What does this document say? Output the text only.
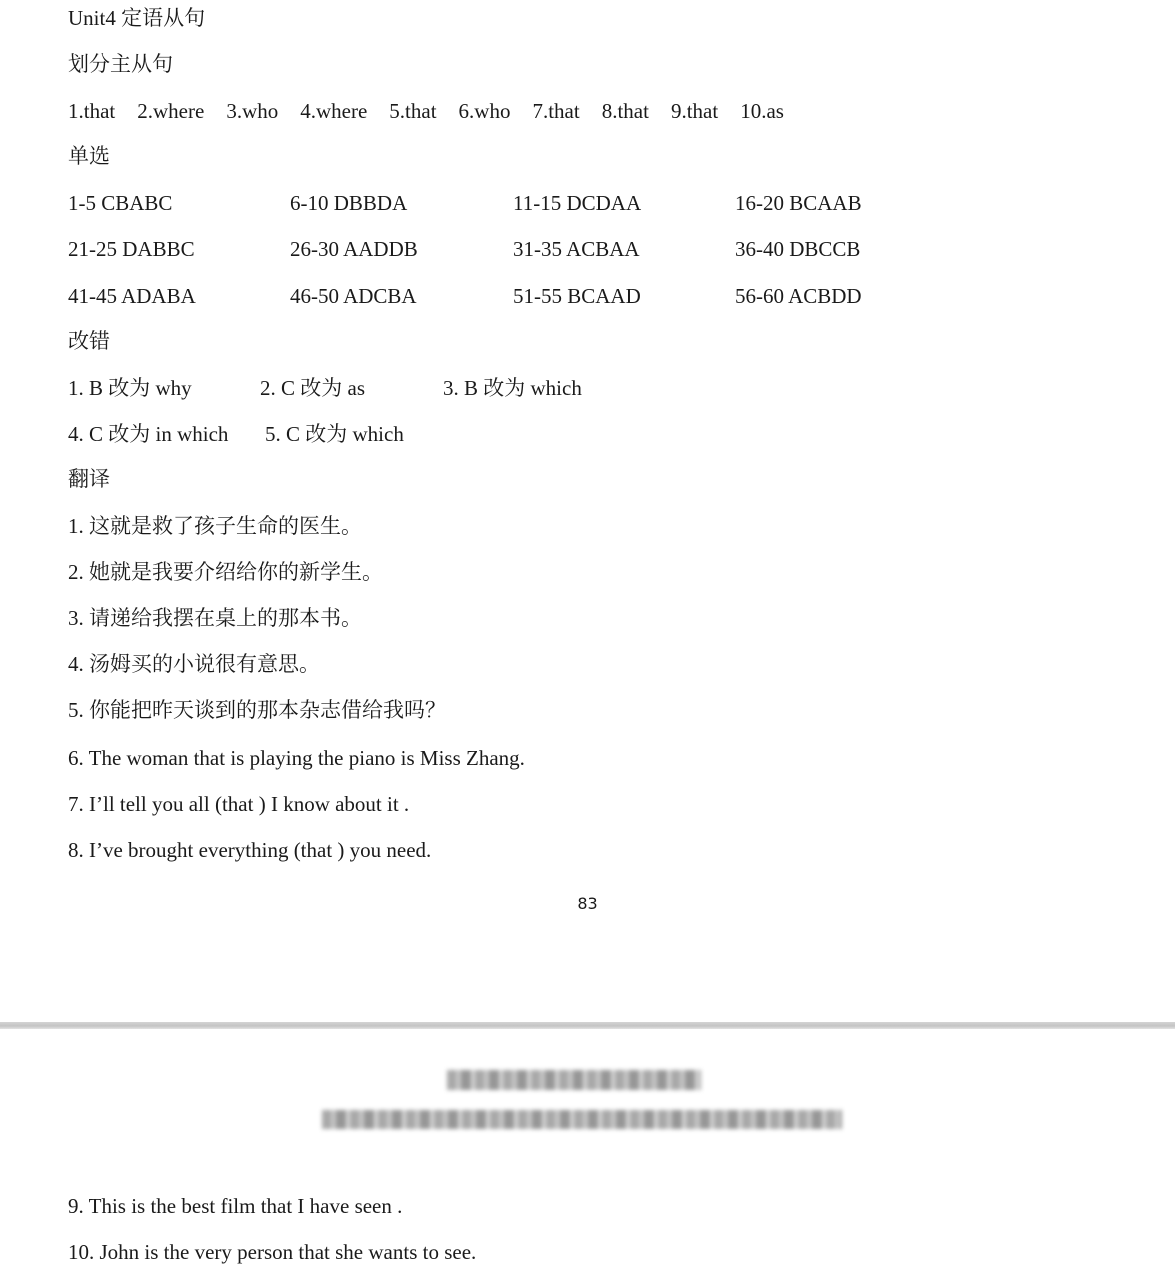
Unit4 定语从句
划分主从句
1.that 2.where 3.who 4.where 5.that 6.who 7.that 8.that 9.that 10.as
单选
1-5 CBABC	6-10 DBBDA	11-15 DCDAA	16-20 BCAAB
21-25 DABBC	26-30 AADDB	31-35 ACBAA	36-40 DBCCB
41-45 ADABA	46-50 ADCBA	51-55 BCAAD	56-60 ACBDD
改错
1. B 改为 why	2. C 改为 as	3. B 改为 which
4. C 改为 in which 5. C 改为 which
翻译
1. 这就是救了孩子生命的医生。
2. 她就是我要介绍给你的新学生。
3. 请递给我摆在桌上的那本书。
4. 汤姆买的小说很有意思。
5. 你能把昨天谈到的那本杂志借给我吗？
6. The woman that is playing the piano is Miss Zhang.
7. I’ll tell you all (that ) I know about it .
8. I’ve brought everything (that ) you need.
83
9. This is the best film that I have seen .
10. John is the very person that she wants to see.
